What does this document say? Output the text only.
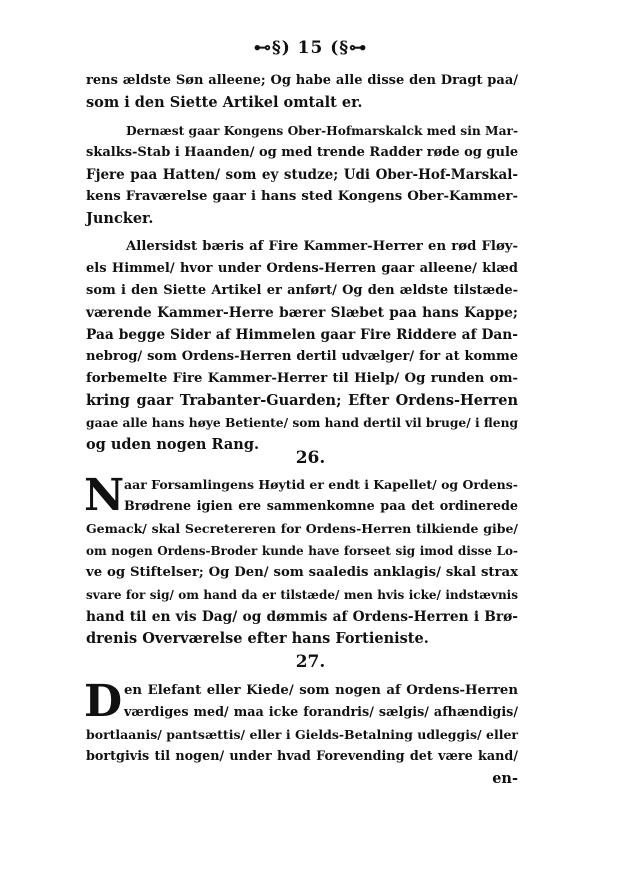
⊷§) 15 (§⊶
rens ældste Søn alleene; Og habe alle disse den Dragt paa/
som i den Siette Artikel omtalt er.
Dernæst gaar Kongens Ober-Hofmarskalck med sin Mar-
skalks-Stab i Haanden/ og med trende Radder røde og gule
Fjere paa Hatten/ som ey studze; Udi Ober-Hof-Marskal-
kens Fraværelse gaar i hans sted Kongens Ober-Kammer-
Juncker.
Allersidst bæris af Fire Kammer-Herrer en rød Fløy-
els Himmel/ hvor under Ordens-Herren gaar alleene/ klæd
som i den Siette Artikel er anført/ Og den ældste tilstæde-
værende Kammer-Herre bærer Slæbet paa hans Kappe;
Paa begge Sider af Himmelen gaar Fire Riddere af Dan-
nebrog/ som Ordens-Herren dertil udvælger/ for at komme
forbemelte Fire Kammer-Herrer til Hielp/ Og runden om-
kring gaar Trabanter-Guarden; Efter Ordens-Herren
gaae alle hans høye Betiente/ som hand dertil vil bruge/ i fleng
og uden nogen Rang.
N aar Forsamlingens Høytid er endt i Kapellet/ og Ordens-
Brødrene igien ere sammenkomne paa det ordinerede
Gemack/ skal Secretereren for Ordens-Herren tilkiende gibe/
om nogen Ordens-Broder kunde have forseet sig imod disse Lo-
ve og Stiftelser; Og Den/ som saaledis anklagis/ skal strax
svare for sig/ om hand da er tilstæde/ men hvis icke/ indstævnis
hand til en vis Dag/ og dømmis af Ordens-Herren i Brø-
drenis Overværelse efter hans Fortieniste.
D en Elefant eller Kiede/ som nogen af Ordens-Herren
værdiges med/ maa icke forandris/ sælgis/ afhændigis/
bortlaanis/ pantsættis/ eller i Gields-Betalning udleggis/ eller
bortgivis til nogen/ under hvad Forevending det være kand/
en-
26.
27.
